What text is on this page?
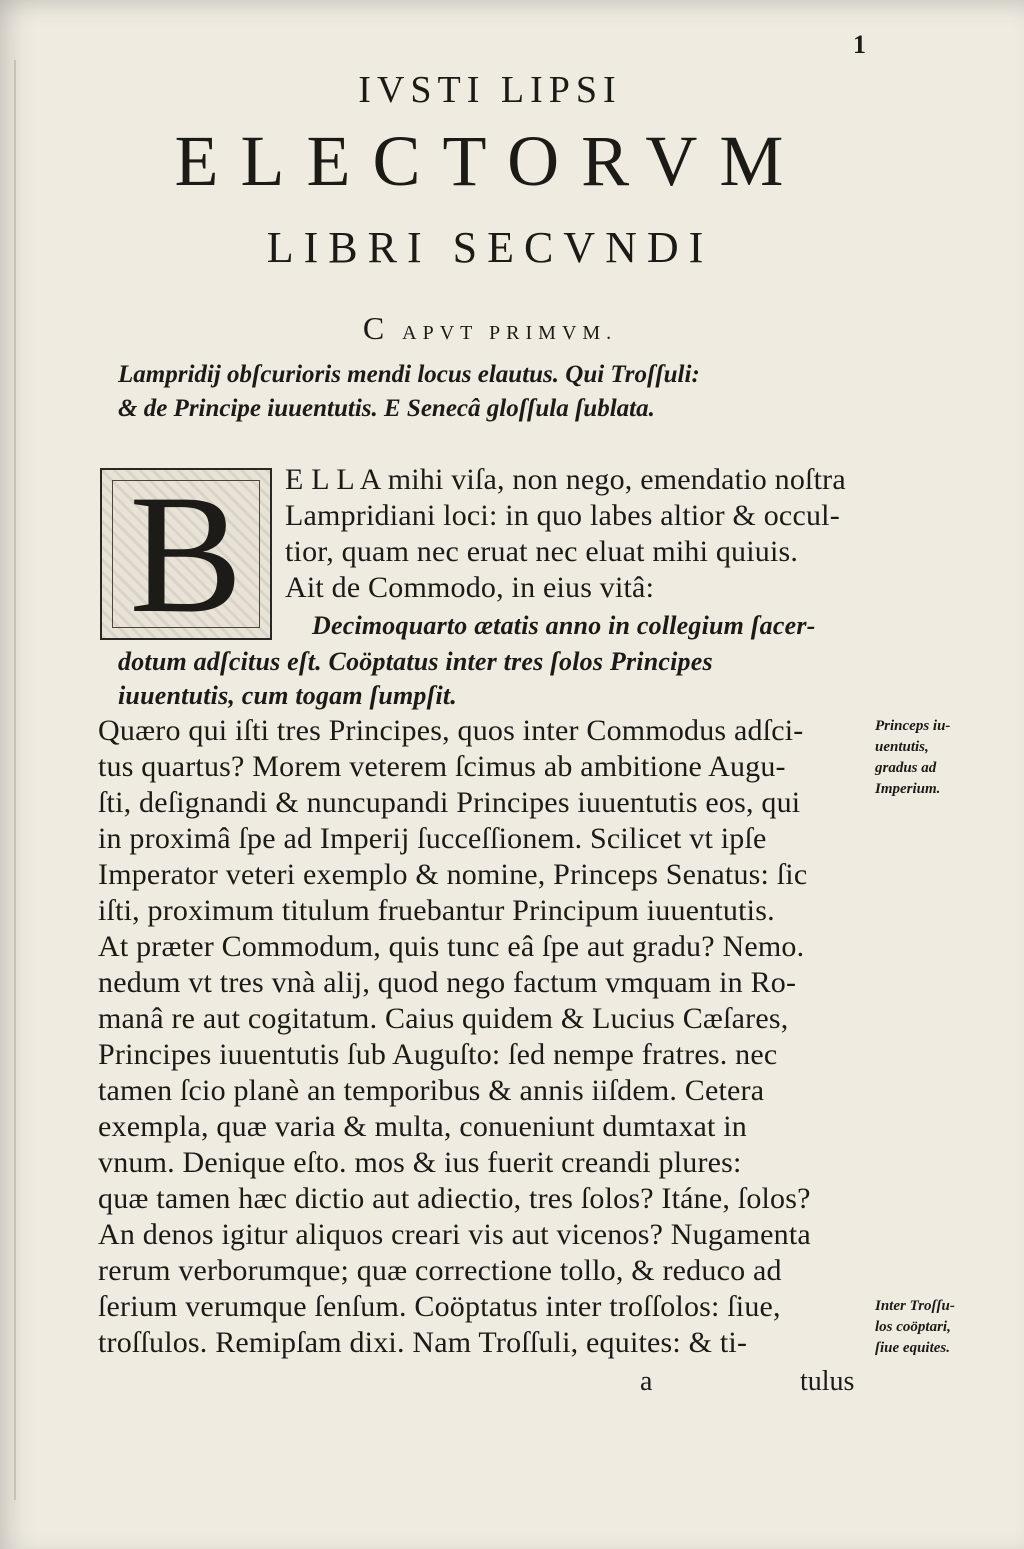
1
IVSTI LIPSI
ELECTORVM
LIBRI SECVNDI
C APVT PRIMVM.
Lampridij obſcurioris mendi locus elautus. Qui Troſſuli:
& de Principe iuuentutis. E Senecâ gloſſula ſublata.
B E L L A mihi viſa, non nego, emendatio noſtra
Lampridiani loci: in quo labes altior & occul-
tior, quam nec eruat nec eluat mihi quiuis.
Ait de Commodo, in eius vitâ:
Decimoquarto ætatis anno in collegium ſacer-
dotum adſcitus eſt. Coöptatus inter tres ſolos Principes
iuuentutis, cum togam ſumpſit.
Quæro qui iſti tres Principes, quos inter Commodus adſci-
tus quartus? Morem veterem ſcimus ab ambitione Augu-
ſti, deſignandi & nuncupandi Principes iuuentutis eos, qui
in proximâ ſpe ad Imperij ſucceſſionem. Scilicet vt ipſe
Imperator veteri exemplo & nomine, Princeps Senatus: ſic
iſti, proximum titulum fruebantur Principum iuuentutis.
At præter Commodum, quis tunc eâ ſpe aut gradu? Nemo.
nedum vt tres vnà alij, quod nego factum vmquam in Ro-
manâ re aut cogitatum. Caius quidem & Lucius Cæſares,
Principes iuuentutis ſub Auguſto: ſed nempe fratres. nec
tamen ſcio planè an temporibus & annis iiſdem. Cetera
exempla, quæ varia & multa, conueniunt dumtaxat in
vnum. Denique eſto. mos & ius fuerit creandi plures:
quæ tamen hæc dictio aut adiectio, tres ſolos? Itáne, ſolos?
An denos igitur aliquos creari vis aut vicenos? Nugamenta
rerum verborumque; quæ correctione tollo, & reduco ad
ſerium verumque ſenſum. Coöptatus inter troſſolos: ſiue,
troſſulos. Remipſam dixi. Nam Troſſuli, equites: & ti-
Princeps iu-
uentutis,
gradus ad
Imperium.
Inter Troſſu-
los coöptari,
ſiue equites.
a	tulus
